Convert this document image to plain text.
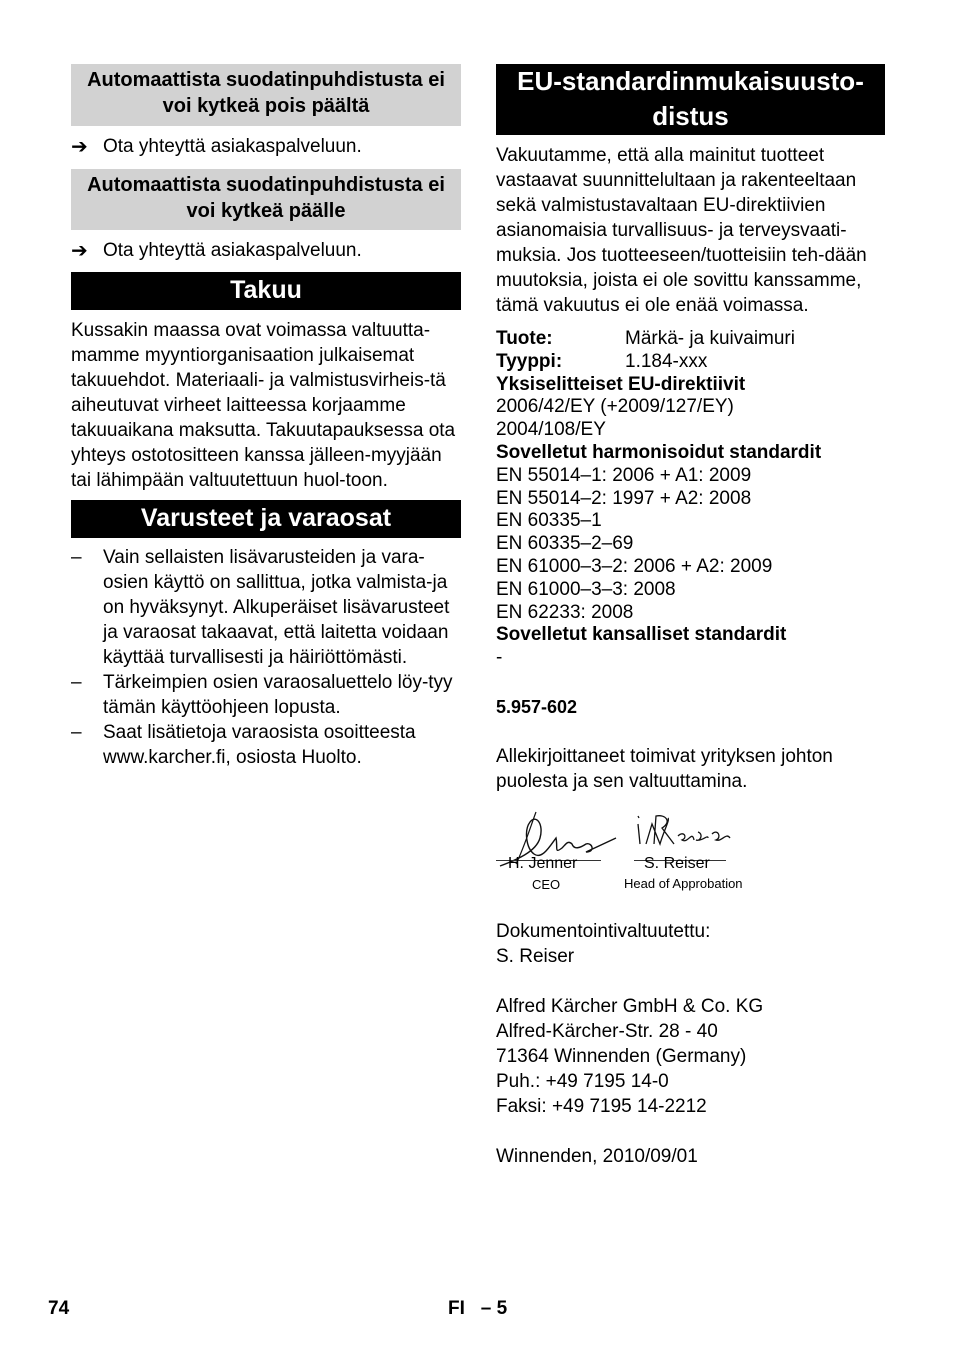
Automaattista suodatinpuhdistusta ei voi kytkeä pois päältä
➔ Ota yhteyttä asiakaspalveluun.
Automaattista suodatinpuhdistusta ei voi kytkeä päälle
➔ Ota yhteyttä asiakaspalveluun.
Takuu

Kussakin maassa ovat voimassa valtuutta-mamme myyntiorganisaation julkaisemat takuuehdot. Materiaali- ja valmistusvirheis-tä aiheutuvat virheet laitteessa korjaamme takuuaikana maksutta. Takuutapauksessa ota yhteys ostotositteen kanssa jälleen-myyjään tai lähimpään valtuutettuun huol-toon.

Varusteet ja varaosat
– Vain sellaisten lisävarusteiden ja vara-osien käyttö on sallittua, jotka valmista-ja on hyväksynyt. Alkuperäiset lisävarusteet ja varaosat takaavat, että laitetta voidaan käyttää turvallisesti ja häiriöttömästi.
– Tärkeimpien osien varaosaluettelo löy-tyy tämän käyttöohjeen lopusta.
– Saat lisätietoja varaosista osoitteesta www.karcher.fi, osiosta Huolto.
EU-standardinmukaisuusto-distus

Vakuutamme, että alla mainitut tuotteet vastaavat suunnittelultaan ja rakenteeltaan sekä valmistustavaltaan EU-direktiivien asianomaisia turvallisuus- ja terveysvaati-muksia. Jos tuotteeseen/tuotteisiin teh-dään muutoksia, joista ei ole sovittu kanssamme, tämä vakuutus ei ole enää voimassa.

Tuote:	Märkä- ja kuivaimuri
Tyyppi:	1.184-xxx
Yksiselitteiset EU-direktiivit
2006/42/EY (+2009/127/EY)
2004/108/EY
Sovelletut harmonisoidut standardit
EN 55014–1: 2006 + A1: 2009
EN 55014–2: 1997 + A2: 2008
EN 60335–1
EN 60335–2–69
EN 61000–3–2: 2006 + A2: 2009
EN 61000–3–3: 2008
EN 62233: 2008
Sovelletut kansalliset standardit
-
5.957-602

Allekirjoittaneet toimivat yrityksen johton puolesta ja sen valtuuttamina.

H. Jenner
CEO
S. Reiser
Head of Approbation
Dokumentointivaltuutettu:
S. Reiser
Alfred Kärcher GmbH & Co. KG
Alfred-Kärcher-Str. 28 - 40
71364 Winnenden (Germany)
Puh.: +49 7195 14-0
Faksi: +49 7195 14-2212
Winnenden, 2010/09/01
74	FI   – 5
